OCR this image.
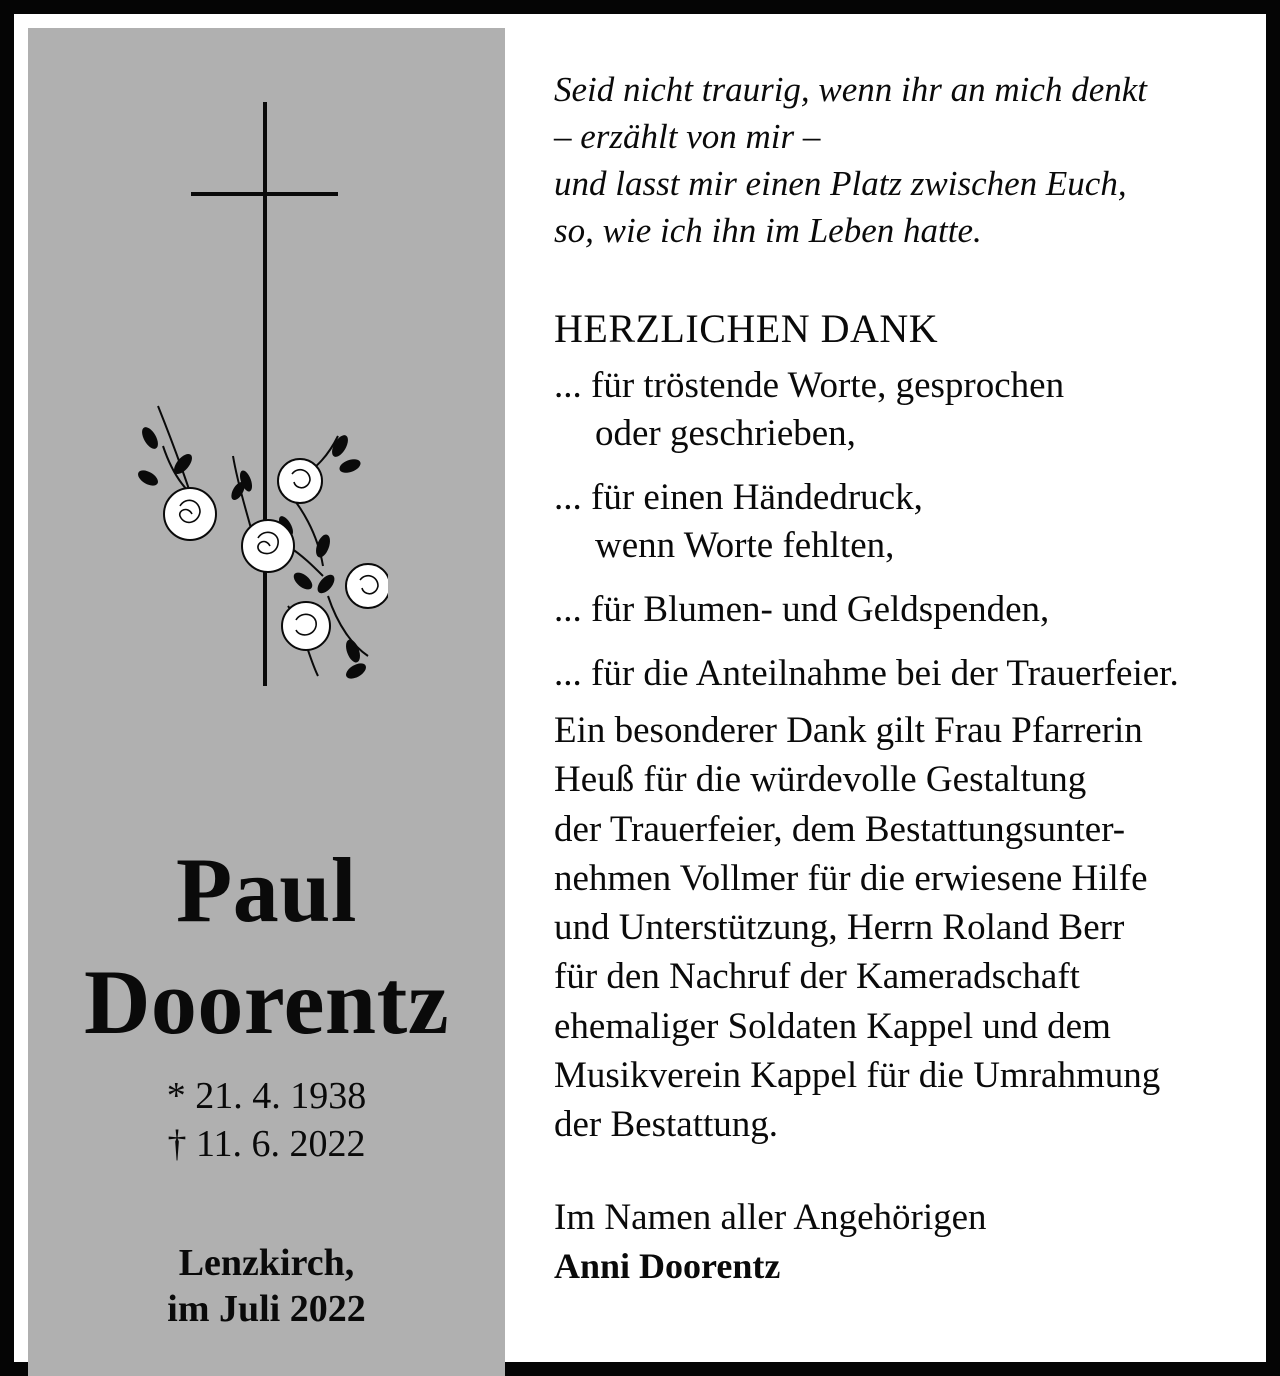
Paul
Doorentz
* 21. 4. 1938
† 11. 6. 2022
Lenzkirch,
im Juli 2022
Seid nicht traurig, wenn ihr an mich denkt
– erzählt von mir –
und lasst mir einen Platz zwischen Euch,
so, wie ich ihn im Leben hatte.
HERZLICHEN DANK
... für tröstende Worte, gesprochen
oder geschrieben,
... für einen Händedruck,
wenn Worte fehlten,
... für Blumen- und Geldspenden,
... für die Anteilnahme bei der Trauerfeier.
Ein besonderer Dank gilt Frau Pfarrerin
Heuß für die würdevolle Gestaltung
der Trauerfeier, dem Bestattungsunter-
nehmen Vollmer für die erwiesene Hilfe
und Unterstützung, Herrn Roland Berr
für den Nachruf der Kameradschaft
ehemaliger Soldaten Kappel und dem
Musikverein Kappel für die Umrahmung
der Bestattung.
Im Namen aller Angehörigen
Anni Doorentz
